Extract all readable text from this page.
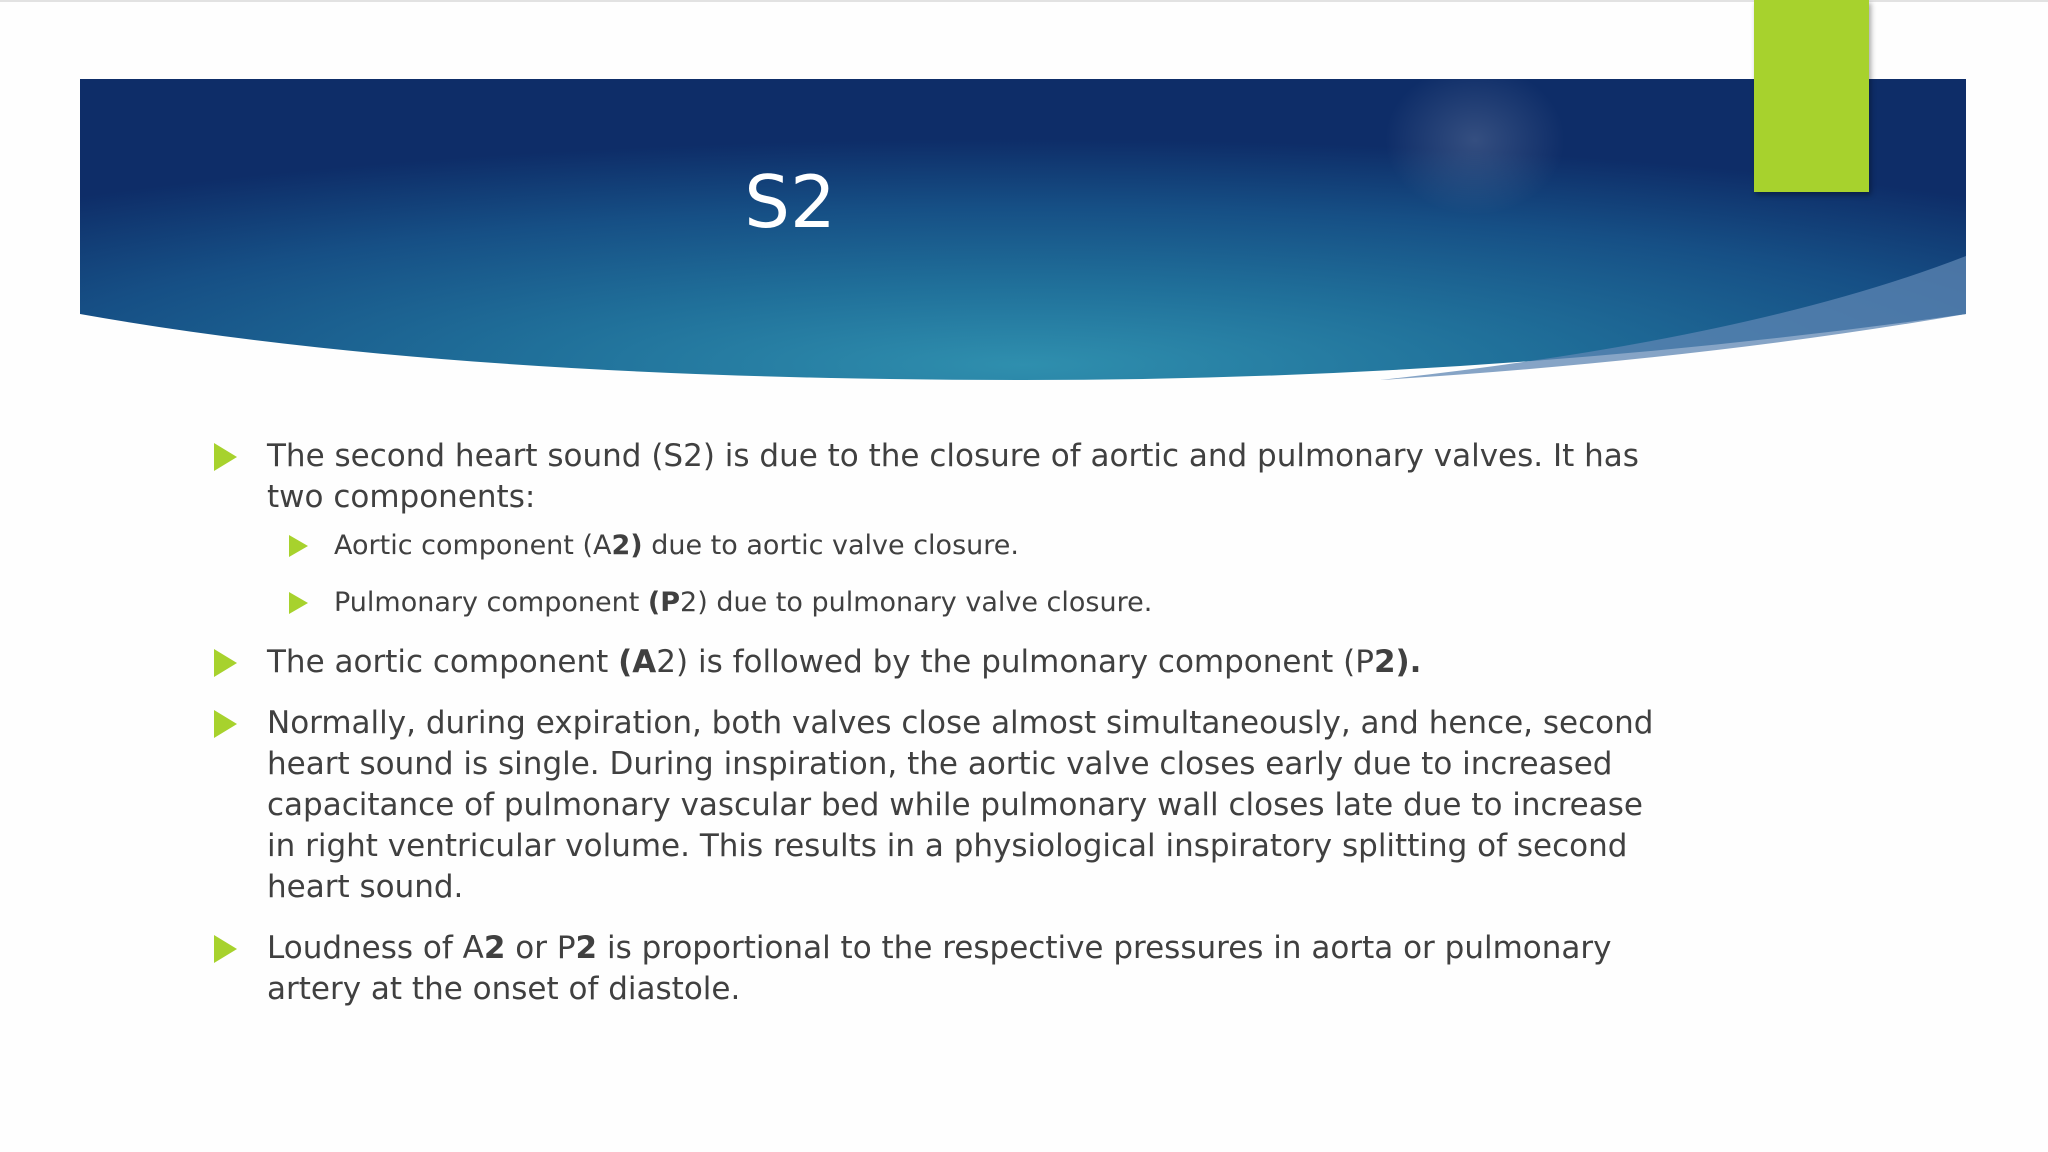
S2
The second heart sound (S2) is due to the closure of aortic and pulmonary valves. It has two components:
Aortic component (A2) due to aortic valve closure.
Pulmonary component (P2) due to pulmonary valve closure.
The aortic component (A2) is followed by the pulmonary component (P2).
Normally, during expiration, both valves close almost simultaneously, and hence, second heart sound is single. During inspiration, the aortic valve closes early due to increased capacitance of pulmonary vascular bed while pulmonary wall closes late due to increase in right ventricular volume. This results in a physiological inspiratory splitting of second heart sound.
Loudness of A2 or P2 is proportional to the respective pressures in aorta or pulmonary artery at the onset of diastole.
